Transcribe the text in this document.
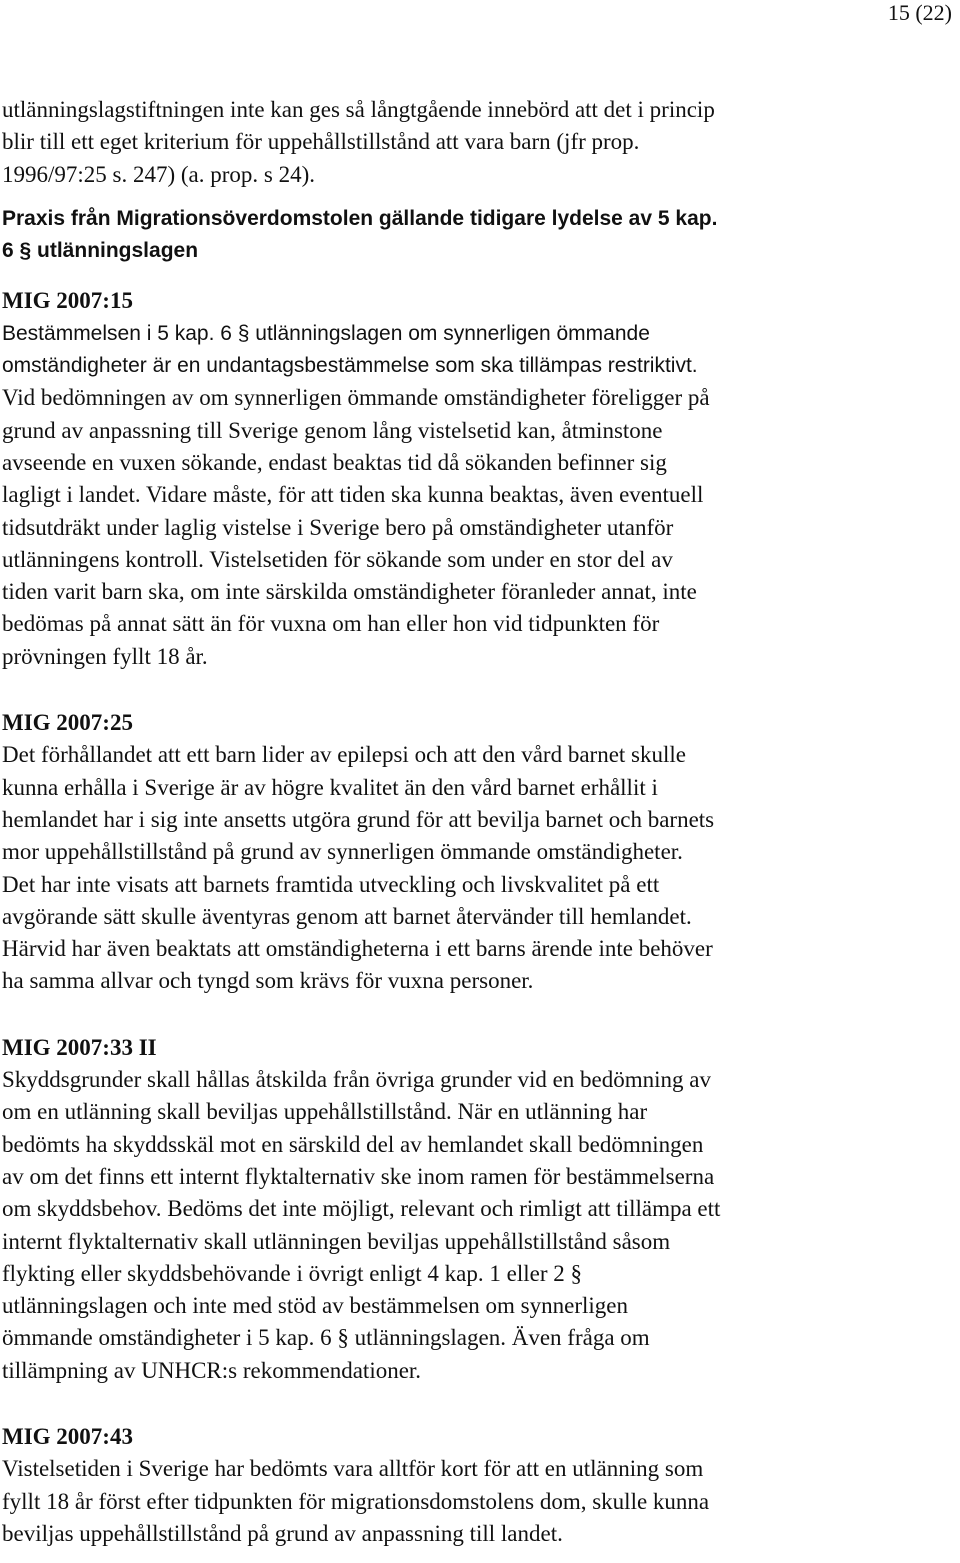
15 (22)

utlänningslagstiftningen inte kan ges så långtgående innebörd att det i princip
blir till ett eget kriterium för uppehållstillstånd att vara barn (jfr prop.
1996/97:25 s. 247) (a. prop. s 24).

Praxis från Migrationsöverdomstolen gällande tidigare lydelse av 5 kap.
6 § utlänningslagen

MIG 2007:15

Bestämmelsen i 5 kap. 6 § utlänningslagen om synnerligen ömmande
omständigheter är en undantagsbestämmelse som ska tillämpas restriktivt.

Vid bedömningen av om synnerligen ömmande omständigheter föreligger på
grund av anpassning till Sverige genom lång vistelsetid kan, åtminstone
avseende en vuxen sökande, endast beaktas tid då sökanden befinner sig
lagligt i landet. Vidare måste, för att tiden ska kunna beaktas, även eventuell
tidsutdräkt under laglig vistelse i Sverige bero på omständigheter utanför
utlänningens kontroll. Vistelsetiden för sökande som under en stor del av
tiden varit barn ska, om inte särskilda omständigheter föranleder annat, inte
bedömas på annat sätt än för vuxna om han eller hon vid tidpunkten för
prövningen fyllt 18 år.

MIG 2007:25

Det förhållandet att ett barn lider av epilepsi och att den vård barnet skulle
kunna erhålla i Sverige är av högre kvalitet än den vård barnet erhållit i
hemlandet har i sig inte ansetts utgöra grund för att bevilja barnet och barnets
mor uppehållstillstånd på grund av synnerligen ömmande omständigheter.
Det har inte visats att barnets framtida utveckling och livskvalitet på ett
avgörande sätt skulle äventyras genom att barnet återvänder till hemlandet.
Härvid har även beaktats att omständigheterna i ett barns ärende inte behöver
ha samma allvar och tyngd som krävs för vuxna personer.

MIG 2007:33 II

Skyddsgrunder skall hållas åtskilda från övriga grunder vid en bedömning av
om en utlänning skall beviljas uppehållstillstånd. När en utlänning har
bedömts ha skyddsskäl mot en särskild del av hemlandet skall bedömningen
av om det finns ett internt flyktalternativ ske inom ramen för bestämmelserna
om skyddsbehov. Bedöms det inte möjligt, relevant och rimligt att tillämpa ett
internt flyktalternativ skall utlänningen beviljas uppehållstillstånd såsom
flykting eller skyddsbehövande i övrigt enligt 4 kap. 1 eller 2 §
utlänningslagen och inte med stöd av bestämmelsen om synnerligen
ömmande omständigheter i 5 kap. 6 § utlänningslagen. Även fråga om
tillämpning av UNHCR:s rekommendationer.

MIG 2007:43

Vistelsetiden i Sverige har bedömts vara alltför kort för att en utlänning som
fyllt 18 år först efter tidpunkten för migrationsdomstolens dom, skulle kunna
beviljas uppehållstillstånd på grund av anpassning till landet.
